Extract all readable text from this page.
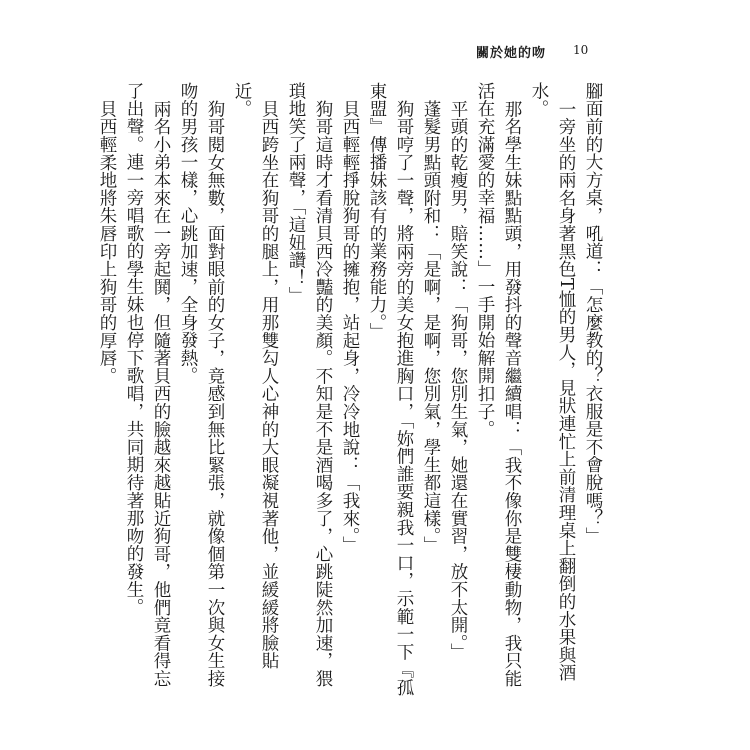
關於她的吻 10

腳面前的大方桌，吼道：「怎麼教的？衣服是不會脫嗎？」

一旁坐的兩名身著黑色T恤的男人，見狀連忙上前清理桌上翻倒的水果與酒水。

那名學生妹點點頭，用發抖的聲音繼續唱：「我不像你是雙棲動物，我只能活在充滿愛的幸福……」一手開始解開扣子。

平頭的乾瘦男，賠笑說：「狗哥，您別生氣，她還在實習，放不太開。」

蓬髮男點頭附和：「是啊，是啊，您別氣，學生都這樣。」

狗哥哼了一聲，將兩旁的美女抱進胸口，「妳們誰要親我一口，示範一下『孤東盟』傳播妹該有的業務能力。」

貝西輕輕掙脫狗哥的擁抱，站起身，冷冷地說：「我來。」

狗哥這時才看清貝西冷豔的美顏。不知是不是酒喝多了，心跳陡然加速，猥瑣地笑了兩聲，「這妞讚！」

貝西跨坐在狗哥的腿上，用那雙勾人心神的大眼凝視著他，並緩緩將臉貼近。

狗哥閱女無數，面對眼前的女子，竟感到無比緊張，就像個第一次與女生接吻的男孩一樣，心跳加速，全身發熱。

兩名小弟本來在一旁起鬨，但隨著貝西的臉越來越貼近狗哥，他們竟看得忘了出聲。連一旁唱歌的學生妹也停下歌唱，共同期待著那吻的發生。

貝西輕柔地將朱唇印上狗哥的厚唇。
